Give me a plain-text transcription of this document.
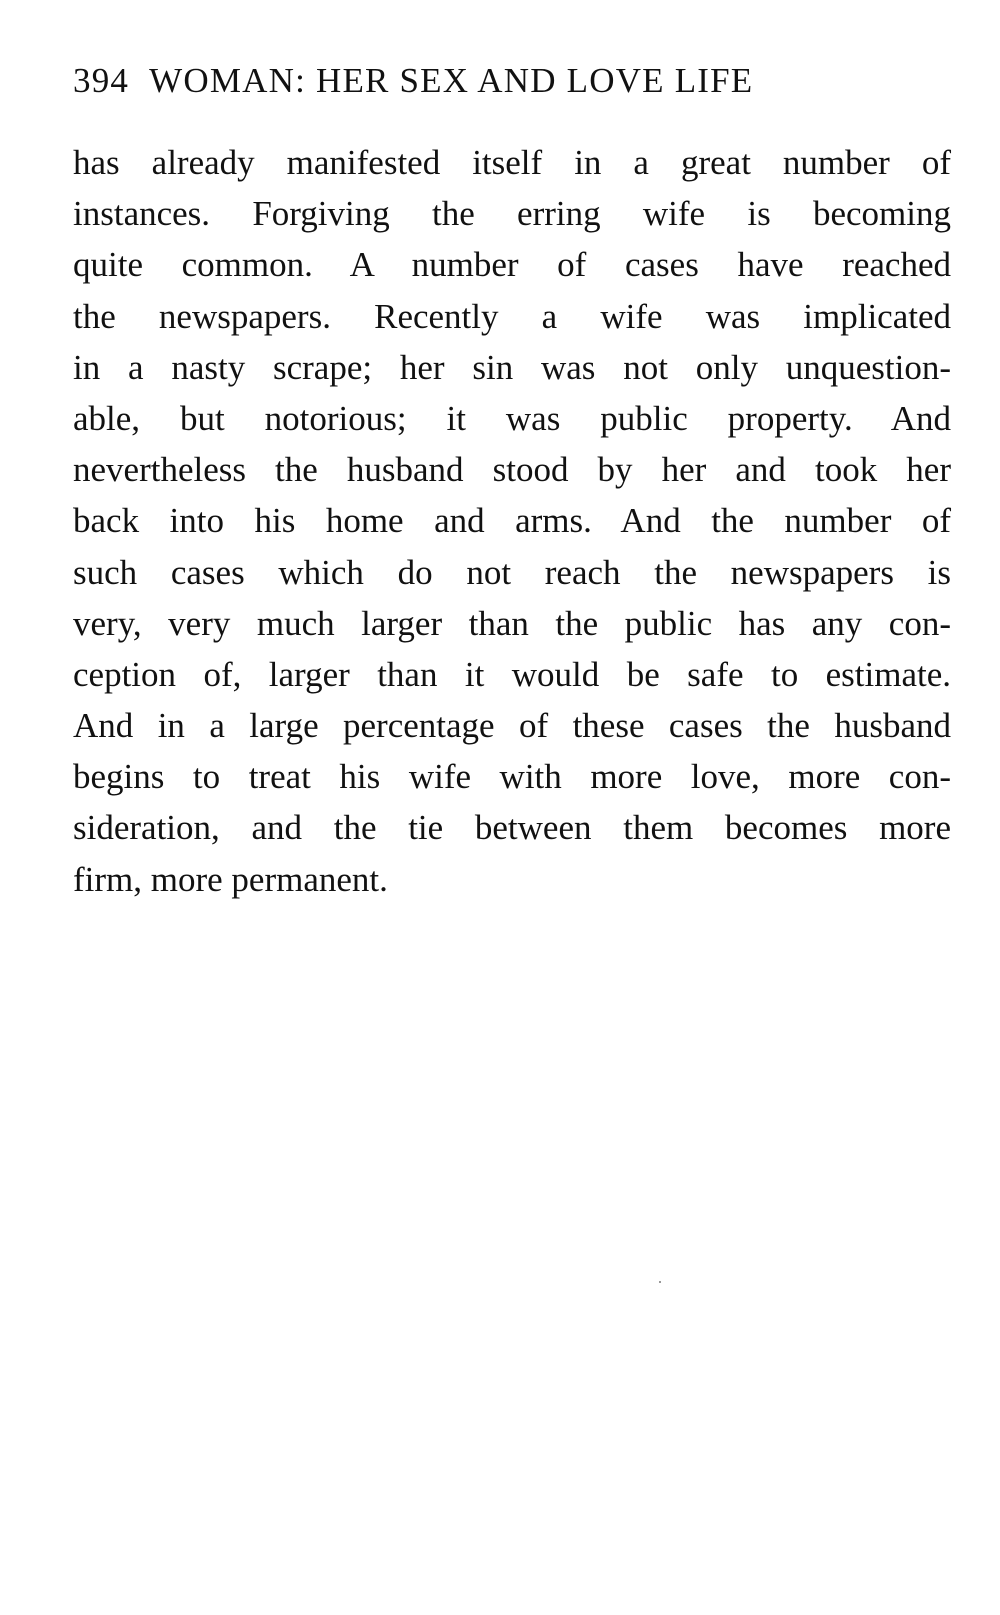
394 WOMAN: HER SEX AND LOVE LIFE
has already manifested itself in a great number of
instances. Forgiving the erring wife is becoming
quite common. A number of cases have reached
the newspapers. Recently a wife was implicated
in a nasty scrape; her sin was not only unquestion-
able, but notorious; it was public property. And
nevertheless the husband stood by her and took her
back into his home and arms. And the number of
such cases which do not reach the newspapers is
very, very much larger than the public has any con-
ception of, larger than it would be safe to estimate.
And in a large percentage of these cases the husband
begins to treat his wife with more love, more con-
sideration, and the tie between them becomes more
firm, more permanent.
